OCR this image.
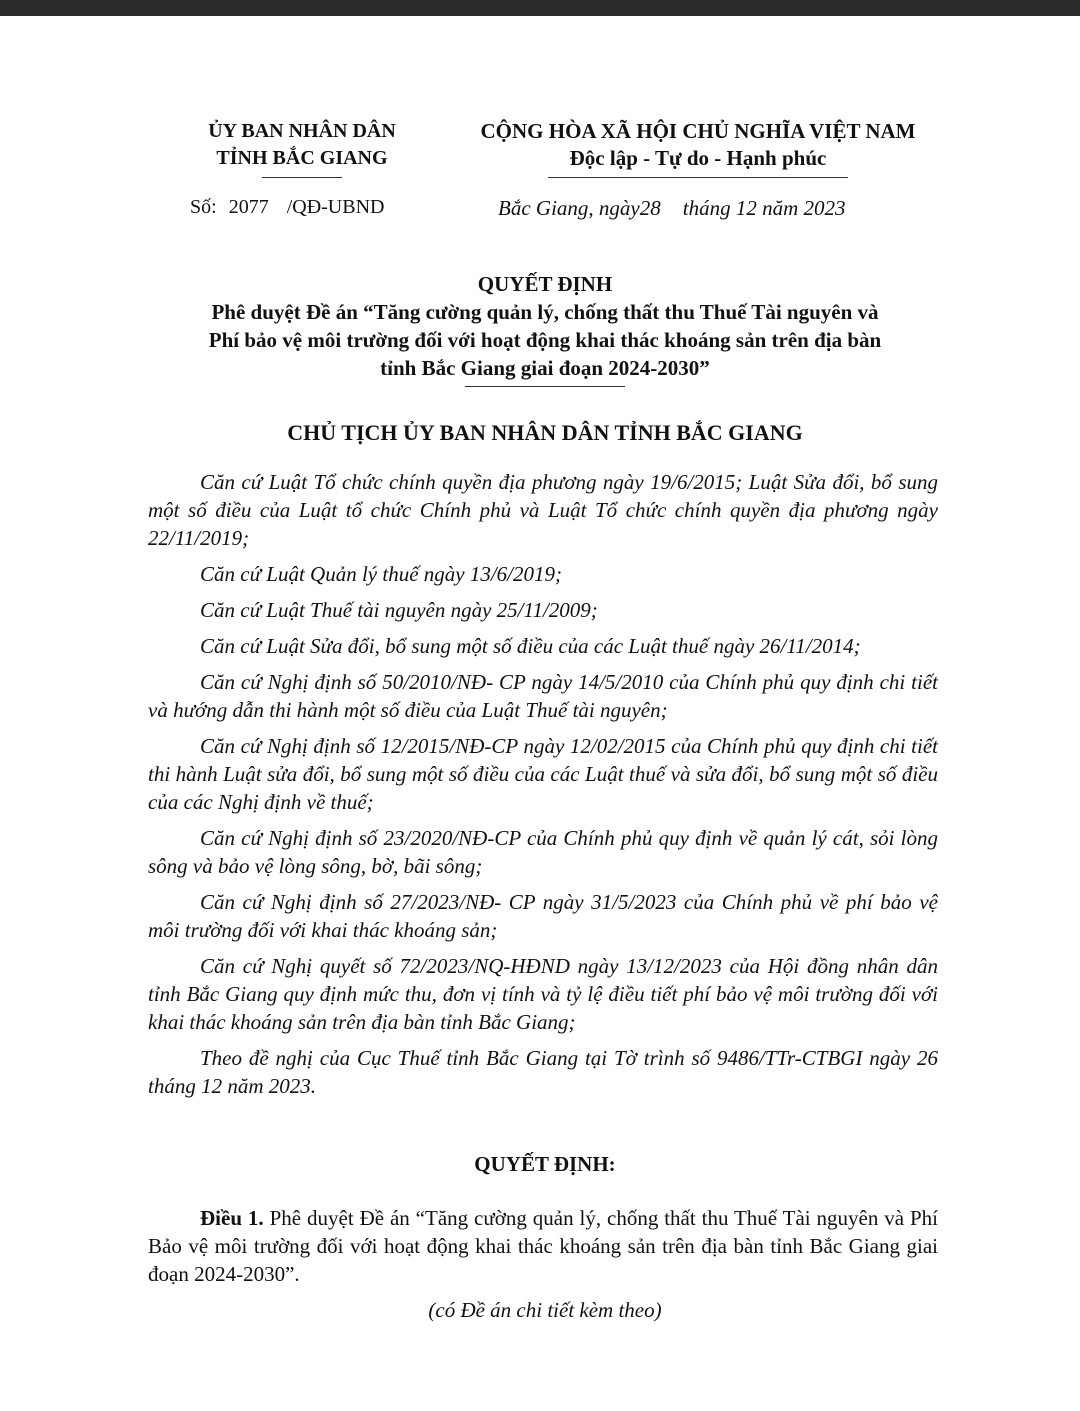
ỦY BAN NHÂN DÂN
TỈNH BẮC GIANG
CỘNG HÒA XÃ HỘI CHỦ NGHĨA VIỆT NAM
Độc lập - Tự do - Hạnh phúc
Số: 2077 /QĐ-UBND	Bắc Giang, ngày28 tháng 12 năm 2023
QUYẾT ĐỊNH
Phê duyệt Đề án “Tăng cường quản lý, chống thất thu Thuế Tài nguyên và
Phí bảo vệ môi trường đối với hoạt động khai thác khoáng sản trên địa bàn
tỉnh Bắc Giang giai đoạn 2024-2030”
CHỦ TỊCH ỦY BAN NHÂN DÂN TỈNH BẮC GIANG

Căn cứ Luật Tổ chức chính quyền địa phương ngày 19/6/2015; Luật Sửa đổi, bổ sung một số điều của Luật tổ chức Chính phủ và Luật Tổ chức chính quyền địa phương ngày 22/11/2019;

Căn cứ Luật Quản lý thuế ngày 13/6/2019;

Căn cứ Luật Thuế tài nguyên ngày 25/11/2009;

Căn cứ Luật Sửa đổi, bổ sung một số điều của các Luật thuế ngày 26/11/2014;

Căn cứ Nghị định số 50/2010/NĐ- CP ngày 14/5/2010 của Chính phủ quy định chi tiết và hướng dẫn thi hành một số điều của Luật Thuế tài nguyên;

Căn cứ Nghị định số 12/2015/NĐ-CP ngày 12/02/2015 của Chính phủ quy định chi tiết thi hành Luật sửa đổi, bổ sung một số điều của các Luật thuế và sửa đổi, bổ sung một số điều của các Nghị định về thuế;

Căn cứ Nghị định số 23/2020/NĐ-CP của Chính phủ quy định về quản lý cát, sỏi lòng sông và bảo vệ lòng sông, bờ, bãi sông;

Căn cứ Nghị định số 27/2023/NĐ- CP ngày 31/5/2023 của Chính phủ về phí bảo vệ môi trường đối với khai thác khoáng sản;

Căn cứ Nghị quyết số 72/2023/NQ-HĐND ngày 13/12/2023 của Hội đồng nhân dân tỉnh Bắc Giang quy định mức thu, đơn vị tính và tỷ lệ điều tiết phí bảo vệ môi trường đối với khai thác khoáng sản trên địa bàn tỉnh Bắc Giang;

Theo đề nghị của Cục Thuế tỉnh Bắc Giang tại Tờ trình số 9486/TTr-CTBGI ngày 26 tháng 12 năm 2023.

QUYẾT ĐỊNH:

Điều 1. Phê duyệt Đề án “Tăng cường quản lý, chống thất thu Thuế Tài nguyên và Phí Bảo vệ môi trường đối với hoạt động khai thác khoáng sản trên địa bàn tỉnh Bắc Giang giai đoạn 2024-2030”.

(có Đề án chi tiết kèm theo)
